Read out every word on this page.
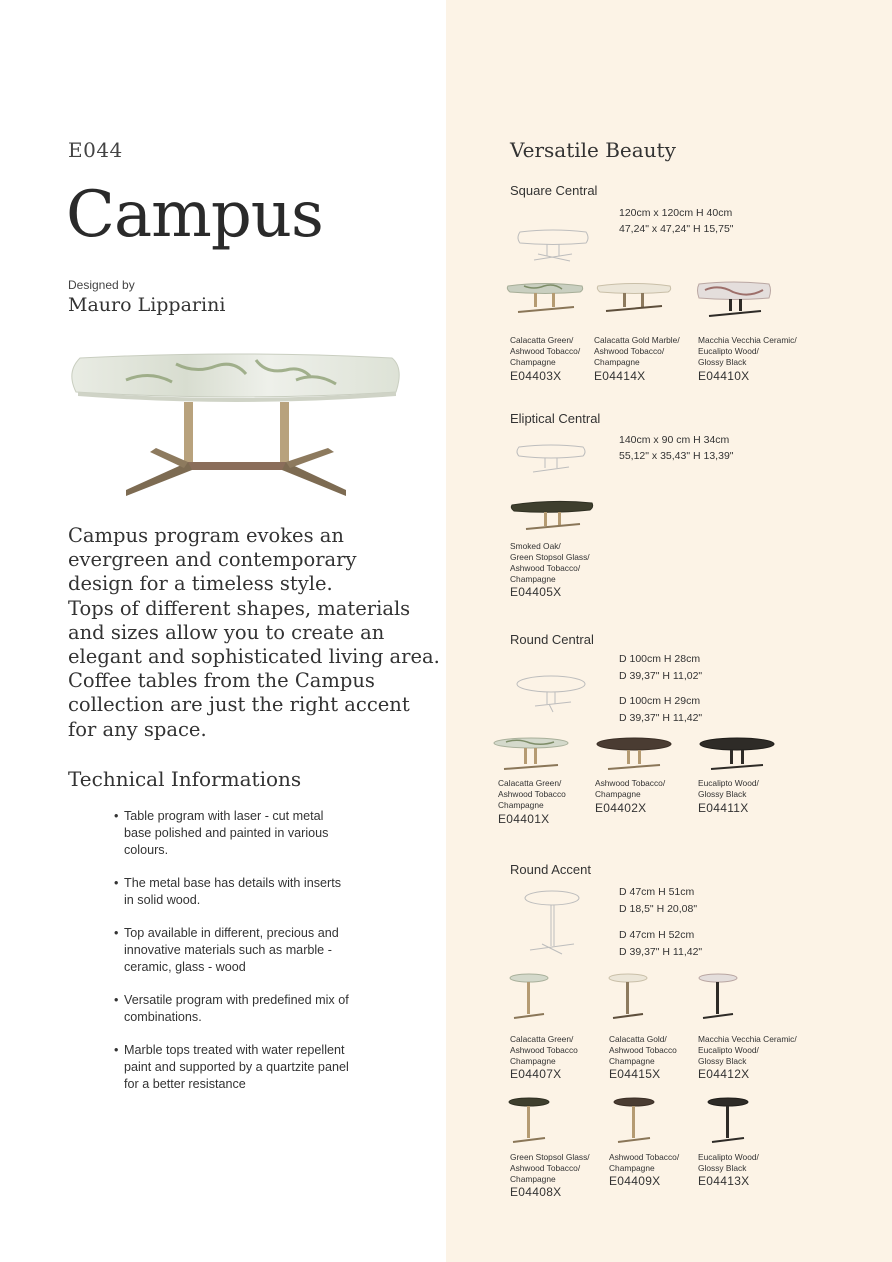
E044
Campus
Designed by
Mauro Lipparini

Campus program evokes an

evergreen and contemporary

design for a timeless style.

Tops of different shapes, materials

and sizes allow you to create an

elegant and sophisticated living area.

Coffee tables from the Campus

collection are just the right accent

for any space.

Technical Informations
• Table program with laser - cut metal base polished and painted in various colours.
• The metal base has details with inserts in solid wood.
• Top available in different, precious and innovative materials such as marble - ceramic, glass - wood
• Versatile program with predefined mix of combinations.
• Marble tops treated with water repellent paint and supported by a quartzite panel for a better resistance
Versatile Beauty
Square Central
120cm x 120cm H 40cm
47,24" x 47,24" H 15,75"
Calacatta Green/
Ashwood Tobacco/
Champagne
E04403X
Calacatta Gold Marble/
Ashwood Tobacco/
Champagne
E04414X
Macchia Vecchia Ceramic/
Eucalipto Wood/
Glossy Black
E04410X
Eliptical Central
140cm x 90 cm H 34cm
55,12" x 35,43" H 13,39"
Smoked Oak/
Green Stopsol Glass/
Ashwood Tobacco/
Champagne
E04405X
Round Central
D 100cm H 28cm
D 39,37" H 11,02"
D 100cm H 29cm
D 39,37" H 11,42"
Calacatta Green/
Ashwood Tobacco
Champagne
E04401X
Ashwood Tobacco/
Champagne
E04402X
Eucalipto Wood/
Glossy Black
E04411X
Round Accent
D 47cm H 51cm
D 18,5" H 20,08"
D 47cm H 52cm
D 39,37" H 11,42"
Calacatta Green/
Ashwood Tobacco
Champagne
E04407X
Calacatta Gold/
Ashwood Tobacco
Champagne
E04415X
Macchia Vecchia Ceramic/
Eucalipto Wood/
Glossy Black
E04412X
Green Stopsol Glass/
Ashwood Tobacco/
Champagne
E04408X
Ashwood Tobacco/
Champagne
E04409X
Eucalipto Wood/
Glossy Black
E04413X
